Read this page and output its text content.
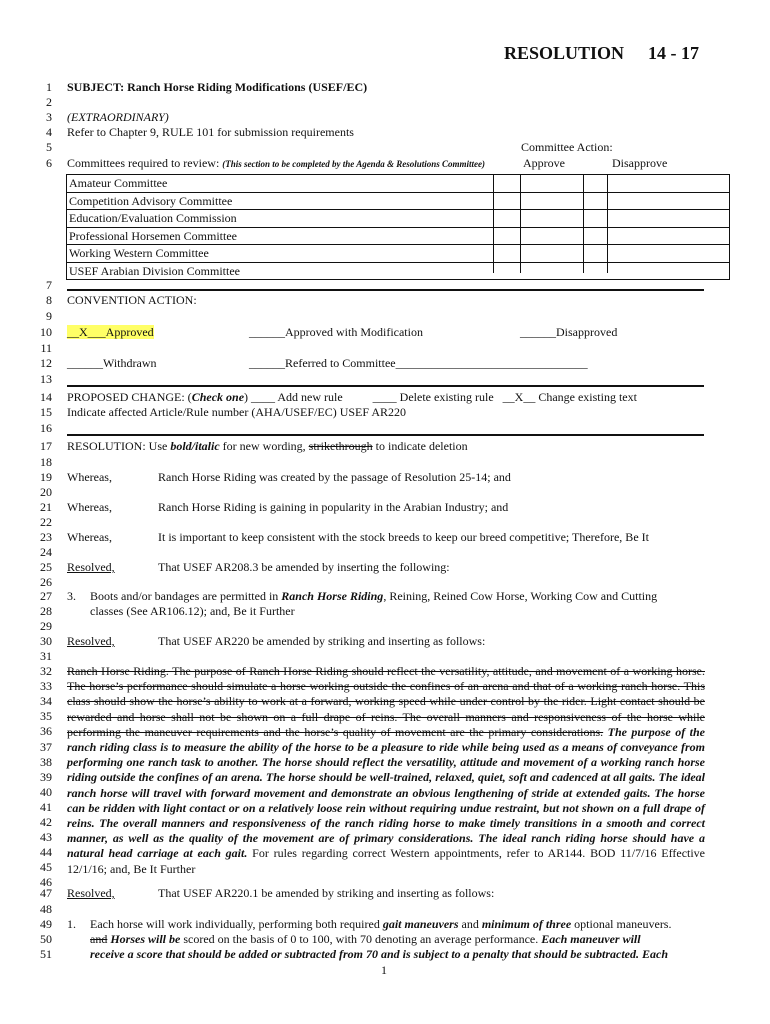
RESOLUTION 14 - 17
1
2
3
4
5
6
7
8
9
10
11
12
13
14
15
16
17
18
19
20
21
22
23
24
25
26
27
28
29
30
31
32
33
34
35
36
37
38
39
40
41
42
43
44
45
46
47
48
49
50
51
SUBJECT: Ranch Horse Riding Modifications (USEF/EC)
(EXTRAORDINARY)
Refer to Chapter 9, RULE 101 for submission requirements
Committee Action:
Committees required to review: (This section to be completed by the Agenda & Resolutions Committee)	Approve	Disapprove
Amateur Committee
Competition Advisory Committee
Education/Evaluation Commission
Professional Horsemen Committee
Working Western Committee
USEF Arabian Division Committee
CONVENTION ACTION:
__X___Approved	______Approved with Modification	______Disapproved
______Withdrawn	______Referred to Committee________________________________
PROPOSED CHANGE: (Check one) ____ Add new rule          ____ Delete existing rule   __X__ Change existing text
Indicate affected Article/Rule number (AHA/USEF/EC) USEF AR220
RESOLUTION: Use bold/italic for new wording, strikethrough to indicate deletion
Whereas,	Ranch Horse Riding was created by the passage of Resolution 25-14; and
Whereas,	Ranch Horse Riding is gaining in popularity in the Arabian Industry; and
Whereas,	It is important to keep consistent with the stock breeds to keep our breed competitive; Therefore, Be It
Resolved,	That USEF AR208.3 be amended by inserting the following:
3. Boots and/or bandages are permitted in Ranch Horse Riding, Reining, Reined Cow Horse, Working Cow and Cutting
classes (See AR106.12); and, Be it Further
Resolved,	That USEF AR220 be amended by striking and inserting as follows:
Ranch Horse Riding. The purpose of Ranch Horse Riding should reflect the versatility, attitude, and movement of a working horse. The horse’s performance should simulate a horse working outside the confines of an arena and that of a working ranch horse. This class should show the horse’s ability to work at a forward, working speed while under control by the rider. Light contact should be rewarded and horse shall not be shown on a full drape of reins. The overall manners and responsiveness of the horse while performing the maneuver requirements and the horse’s quality of movement are the primary considerations. The purpose of the ranch riding class is to measure the ability of the horse to be a pleasure to ride while being used as a means of conveyance from performing one ranch task to another. The horse should reflect the versatility, attitude and movement of a working ranch horse riding outside the confines of an arena. The horse should be well-trained, relaxed, quiet, soft and cadenced at all gaits. The ideal ranch horse will travel with forward movement and demonstrate an obvious lengthening of stride at extended gaits. The horse can be ridden with light contact or on a relatively loose rein without requiring undue restraint, but not shown on a full drape of reins. The overall manners and responsiveness of the ranch riding horse to make timely transitions in a smooth and correct manner, as well as the quality of the movement are of primary considerations. The ideal ranch riding horse should have a natural head carriage at each gait. For rules regarding correct Western appointments, refer to AR144. BOD 11/7/16 Effective 12/1/16; and, Be It Further
Resolved,	That USEF AR220.1 be amended by striking and inserting as follows:
1. Each horse will work individually, performing both required gait maneuvers and minimum of three optional maneuvers.
and Horses will be scored on the basis of 0 to 100, with 70 denoting an average performance. Each maneuver will
receive a score that should be added or subtracted from 70 and is subject to a penalty that should be subtracted. Each
1
